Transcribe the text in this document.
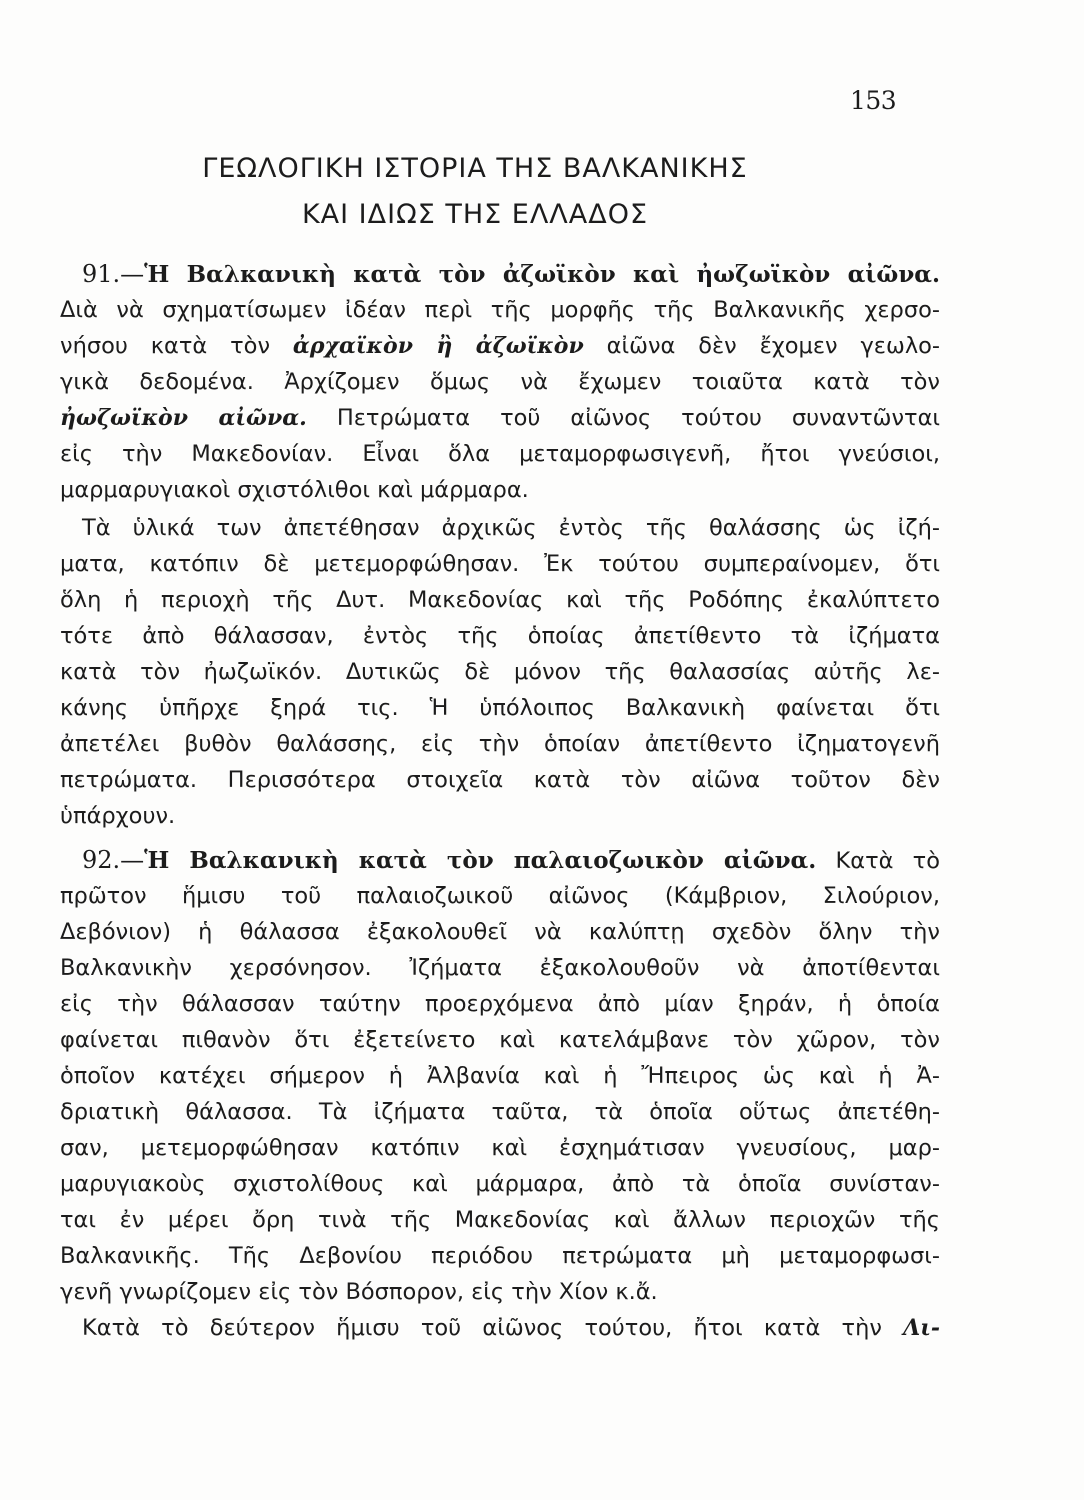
153
ΓΕΩΛΟΓΙΚΗ ΙΣΤΟΡΙΑ ΤΗΣ ΒΑΛΚΑΝΙΚΗΣ
ΚΑΙ ΙΔΙΩΣ ΤΗΣ ΕΛΛΑΔΟΣ
91.—Ἡ Βαλκανικὴ κατὰ τὸν ἀζωϊκὸν καὶ ἠωζωϊκὸν αἰῶνα.
Διὰ νὰ σχηματίσωμεν ἰδέαν περὶ τῆς μορφῆς τῆς Βαλκανικῆς χερσο-
νήσου κατὰ τὸν ἀρχαϊκὸν ἢ ἀζωϊκὸν αἰῶνα δὲν ἔχομεν γεωλο-
γικὰ δεδομένα. Ἀρχίζομεν ὅμως νὰ ἔχωμεν τοιαῦτα κατὰ τὸν
ἠωζωϊκὸν αἰῶνα. Πετρώματα τοῦ αἰῶνος τούτου συναντῶνται
εἰς τὴν Μακεδονίαν. Εἶναι ὅλα μεταμορφωσιγενῆ, ἤτοι γνεύσιοι,
μαρμαρυγιακοὶ σχιστόλιθοι καὶ μάρμαρα.
Τὰ ὑλικά των ἀπετέθησαν ἀρχικῶς ἐντὸς τῆς θαλάσσης ὡς ἰζή-
ματα, κατόπιν δὲ μετεμορφώθησαν. Ἐκ τούτου συμπεραίνομεν, ὅτι
ὅλη ἡ περιοχὴ τῆς Δυτ. Μακεδονίας καὶ τῆς Ροδόπης ἐκαλύπτετο
τότε ἀπὸ θάλασσαν, ἐντὸς τῆς ὁποίας ἀπετίθεντο τὰ ἰζήματα
κατὰ τὸν ἠωζωϊκόν. Δυτικῶς δὲ μόνον τῆς θαλασσίας αὐτῆς λε-
κάνης ὑπῆρχε ξηρά τις. Ἡ ὑπόλοιπος Βαλκανικὴ φαίνεται ὅτι
ἀπετέλει βυθὸν θαλάσσης, εἰς τὴν ὁποίαν ἀπετίθεντο ἰζηματογενῆ
πετρώματα. Περισσότερα στοιχεῖα κατὰ τὸν αἰῶνα τοῦτον δὲν
ὑπάρχουν.
92.—Ἡ Βαλκανικὴ κατὰ τὸν παλαιοζωικὸν αἰῶνα. Κατὰ τὸ
πρῶτον ἥμισυ τοῦ παλαιοζωικοῦ αἰῶνος (Κάμβριον, Σιλούριον,
Δεβόνιον) ἡ θάλασσα ἐξακολουθεῖ νὰ καλύπτῃ σχεδὸν ὅλην τὴν
Βαλκανικὴν χερσόνησον. Ἰζήματα ἐξακολουθοῦν νὰ ἀποτίθενται
εἰς τὴν θάλασσαν ταύτην προερχόμενα ἀπὸ μίαν ξηράν, ἡ ὁποία
φαίνεται πιθανὸν ὅτι ἐξετείνετο καὶ κατελάμβανε τὸν χῶρον, τὸν
ὁποῖον κατέχει σήμερον ἡ Ἀλβανία καὶ ἡ Ἤπειρος ὡς καὶ ἡ Ἀ-
δριατικὴ θάλασσα. Τὰ ἰζήματα ταῦτα, τὰ ὁποῖα οὕτως ἀπετέθη-
σαν, μετεμορφώθησαν κατόπιν καὶ ἐσχημάτισαν γνευσίους, μαρ-
μαρυγιακοὺς σχιστολίθους καὶ μάρμαρα, ἀπὸ τὰ ὁποῖα συνίσταν-
ται ἐν μέρει ὄρη τινὰ τῆς Μακεδονίας καὶ ἄλλων περιοχῶν τῆς
Βαλκανικῆς. Τῆς Δεβονίου περιόδου πετρώματα μὴ μεταμορφωσι-
γενῆ γνωρίζομεν εἰς τὸν Βόσπορον, εἰς τὴν Χίον κ.ἄ.
Κατὰ τὸ δεύτερον ἥμισυ τοῦ αἰῶνος τούτου, ἤτοι κατὰ τὴν Λι-
